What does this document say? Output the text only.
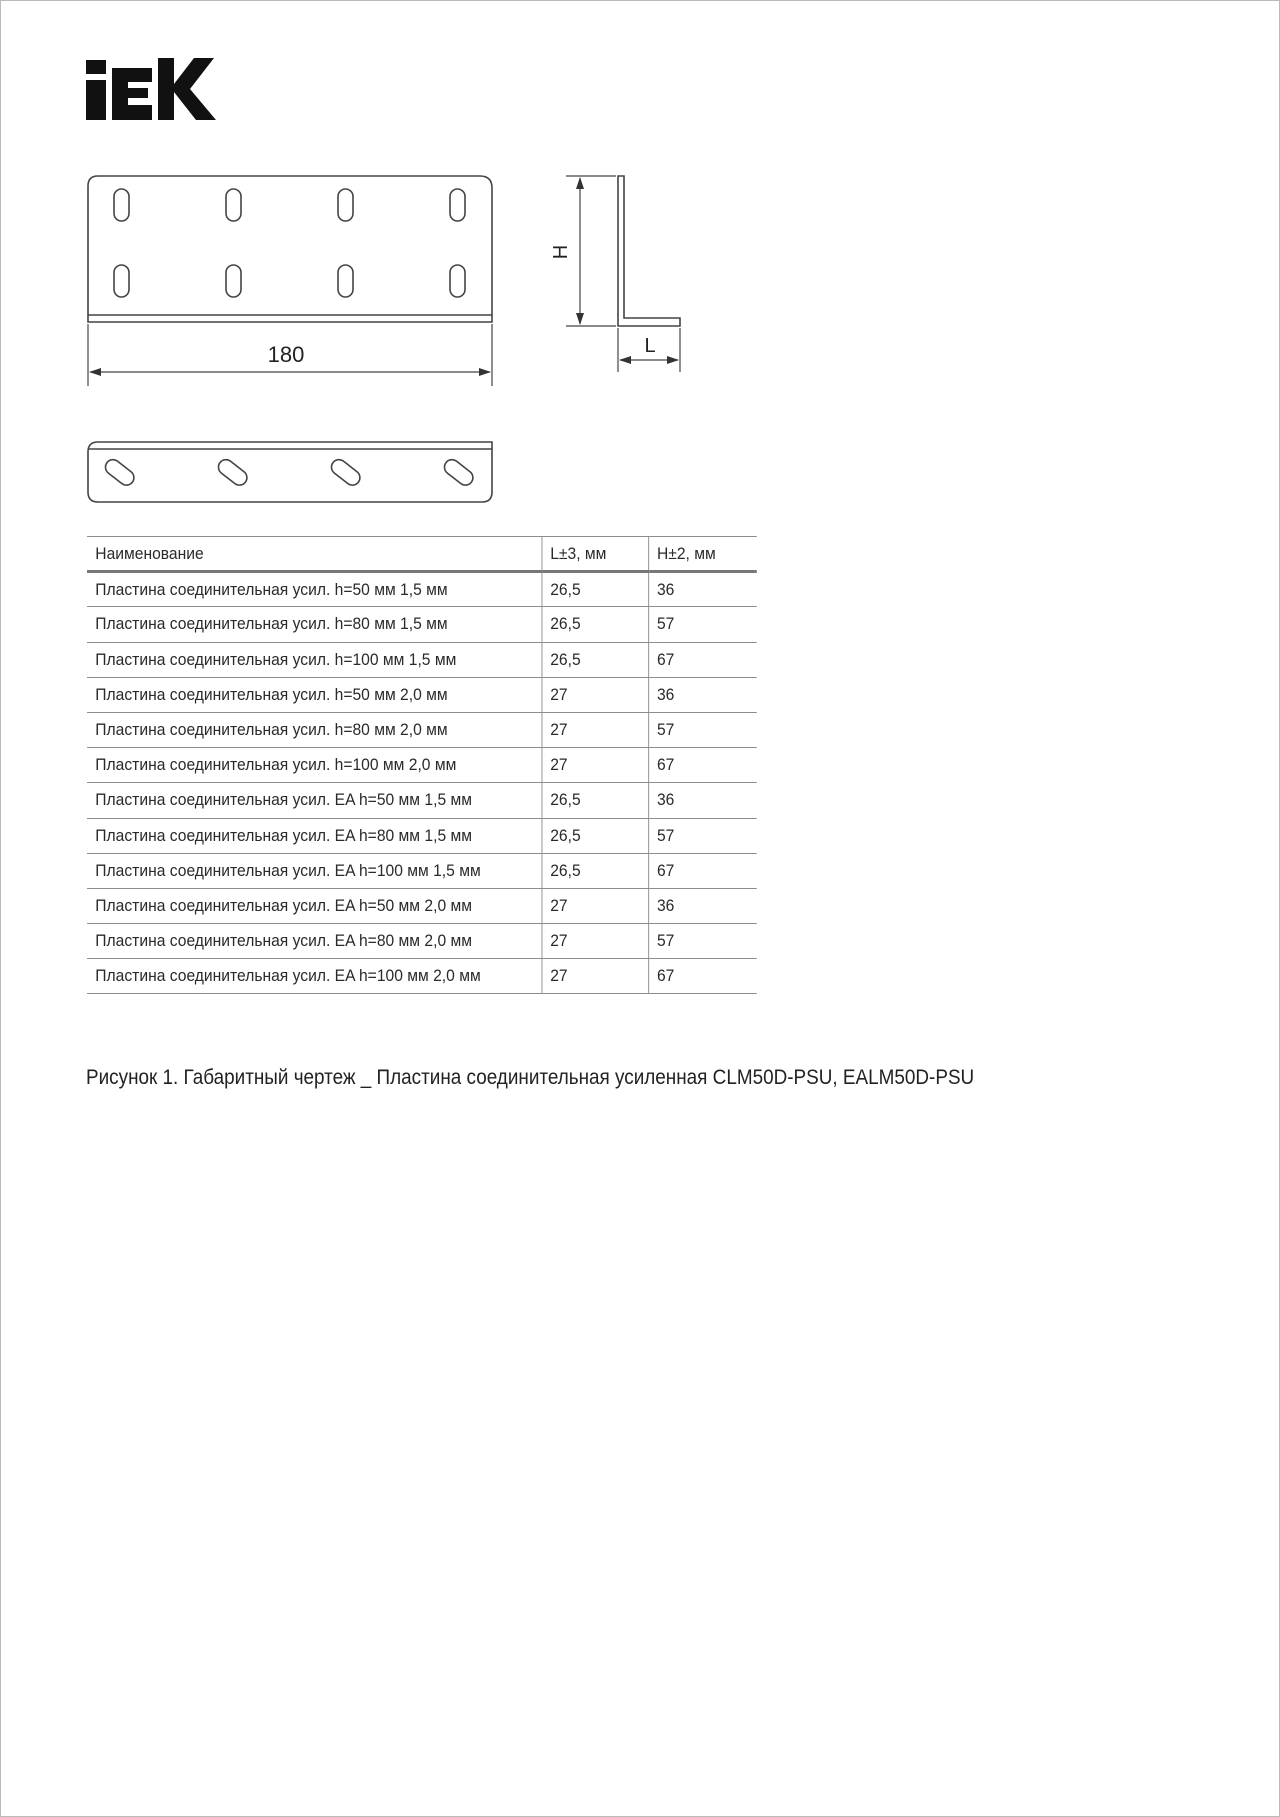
180
H
L
Наименование	L±3, мм	H±2, мм
Пластина соединительная усил. h=50 мм 1,5 мм	26,5	36
Пластина соединительная усил. h=80 мм 1,5 мм	26,5	57
Пластина соединительная усил. h=100 мм 1,5 мм	26,5	67
Пластина соединительная усил. h=50 мм 2,0 мм	27	36
Пластина соединительная усил. h=80 мм 2,0 мм	27	57
Пластина соединительная усил. h=100 мм 2,0 мм	27	67
Пластина соединительная усил. EA h=50 мм 1,5 мм	26,5	36
Пластина соединительная усил. EA h=80 мм 1,5 мм	26,5	57
Пластина соединительная усил. EA h=100 мм 1,5 мм	26,5	67
Пластина соединительная усил. EA h=50 мм 2,0 мм	27	36
Пластина соединительная усил. EA h=80 мм 2,0 мм	27	57
Пластина соединительная усил. EA h=100 мм 2,0 мм	27	67
Рисунок 1. Габаритный чертеж _ Пластина соединительная усиленная CLM50D-PSU, EALM50D-PSU
